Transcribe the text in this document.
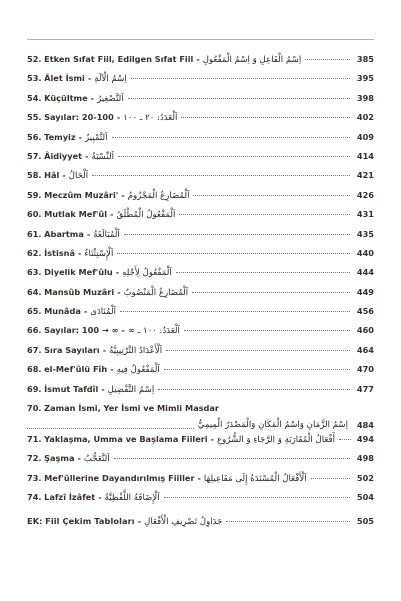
52.
Etken Sıfat Fiil, Edilgen Sıfat Fiil - اِسْمُ الْفَاعِلِ وَ اِسْمُ الْمَفْعُولِ	385
53.
Âlet İsmi - اِسْمُ الْآلَةِ	395
54.
Küçültme - اَلتَّصْغِيرُ	398
55.
Sayılar: 20-100 - اَلْعَدَدُ: ٢٠ ـ ١٠٠	402
56.
Temyiz - اَلتَّمْيِيزُ	409
57.
Âidiyyet - اَلنِّسْبَةُ	414
58.
Hâl - اَلْحَالُ	421
59.
Meczûm Muzâri' - اَلْمُضَارِعُ الْمَجْزُومُ	426
60.
Mutlak Mef'ûl - اَلْمَفْعُولُ الْمُطْلَقُ	431
61.
Abartma - اَلْمُبَالَغَةُ	435
62.
İstisnâ - اَلْإِسْتِثْنَاءُ	440
63.
Diyelik Mef'ûlu - اَلْمَفْعُولُ لِأَجْلِهِ	444
64.
Mansûb Muzâri - اَلْمُضَارِعُ الْمَنْصُوبُ	449
65.
Munâda - اَلْمُنَادَى	456
66.
Sayılar: 100 → ∞ - اَلْعَدَدُ: ١٠٠ ـ ∞	460
67.
Sıra Sayıları - اَلْأَعْدَادُ التَّرْتِيبِيَّةُ	464
68.
el-Mef'ûlü Fîh - اَلْمَفْعُولُ فِيهِ	470
69.
İsmut Tafdîl - اِسْمُ التَّفْضِيلِ	477
70.
Zaman İsmi, Yer İsmi ve Mimli Masdar
اِسْمُ الزَّمَانِ وَاسْمُ الْمَكَانِ وَالْمَصْدَرُ الْمِيمِيُّ	484
71.
Yaklaşma, Umma ve Başlama Fiileri - أَفْعَالُ الْمُقَارَبَةِ وَ الرَّجَاءِ وَ الشُّرُوعِ	494
72.
Şaşma - اَلتَّعَجُّبُ	498
73.
Mef'ûllerine Dayandırılmış Fiiller - اَلْأَفْعَالُ الْمُسْنَدَةُ إِلَى مَفَاعِيلِهَا	502
74.
Lafzî İzâfet - اَلْإِضَافَةُ اللَّفْظِيَّةُ	504
EK:
Fiil Çekim Tabloları - جَدَاوِلُ تَصْرِيفِ الْأَفْعَالِ	505
